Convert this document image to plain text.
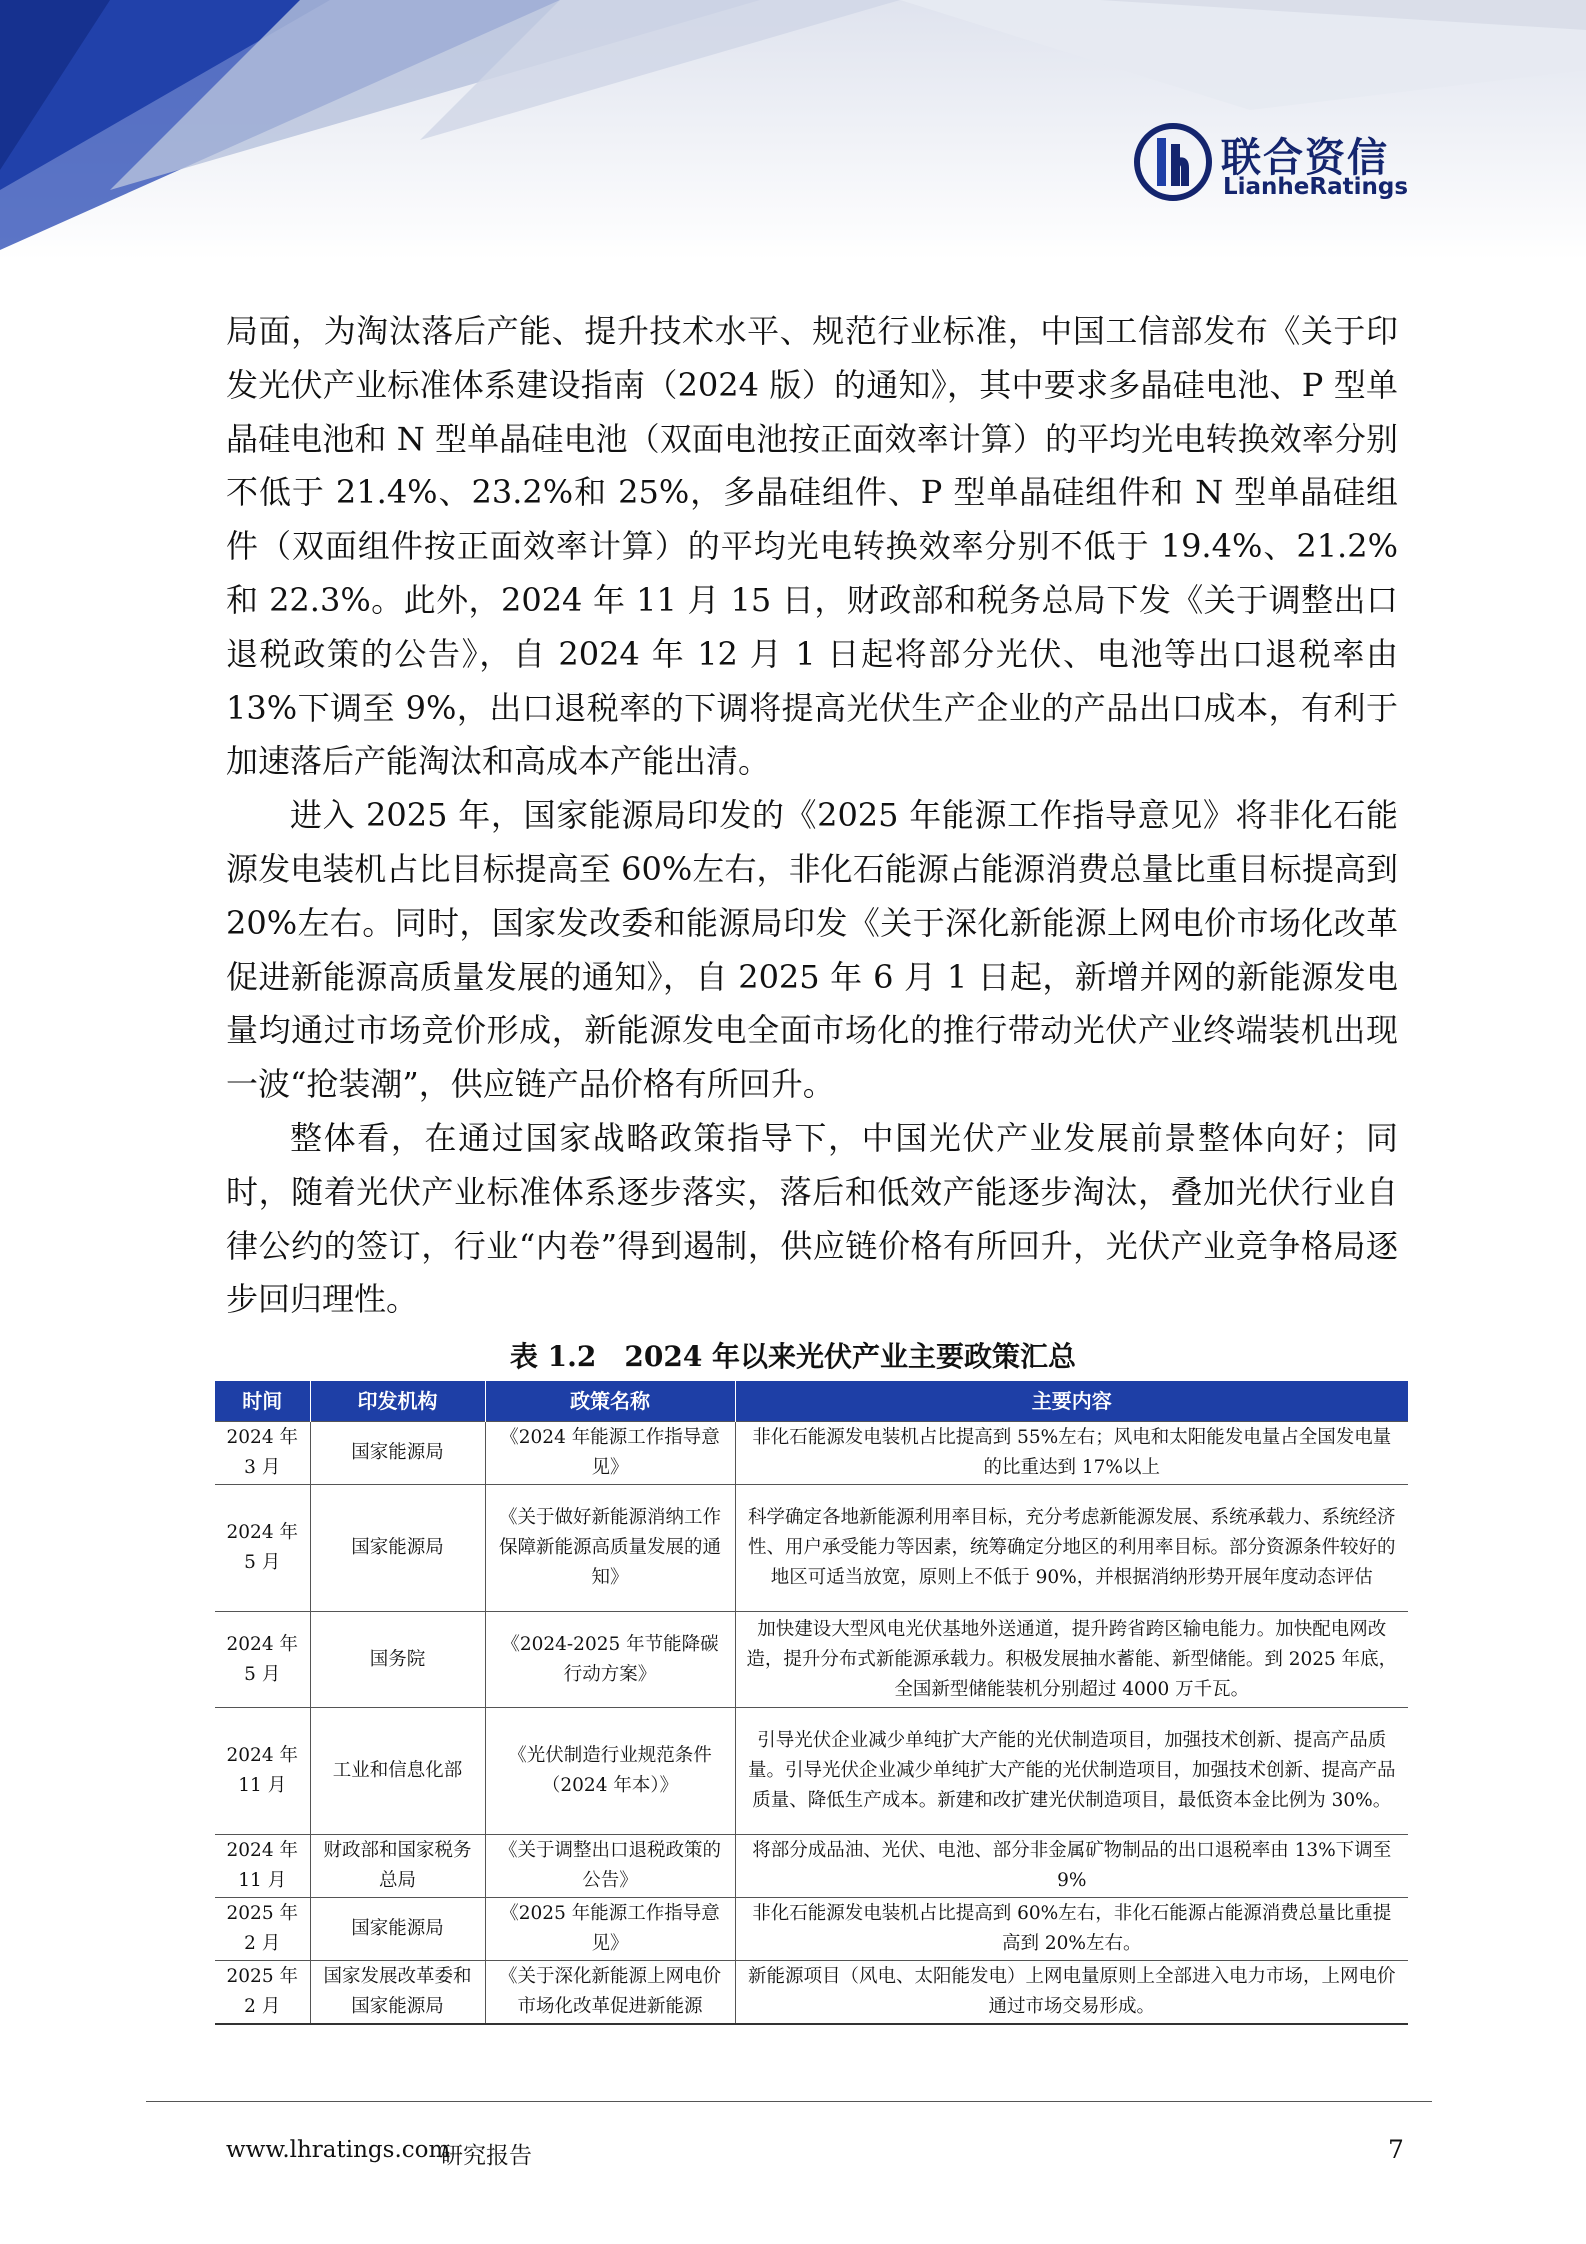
联合资信
LianheRatings

局面，为淘汰落后产能、提升技术水平、规范行业标准，中国工信部发布《关于印发光伏产业标准体系建设指南（2024 版）的通知》，其中要求多晶硅电池、P 型单晶硅电池和 N 型单晶硅电池（双面电池按正面效率计算）的平均光电转换效率分别不低于 21.4%、23.2%和 25%，多晶硅组件、P 型单晶硅组件和 N 型单晶硅组件（双面组件按正面效率计算）的平均光电转换效率分别不低于 19.4%、21.2%和 22.3%。此外，2024 年 11 月 15 日，财政部和税务总局下发《关于调整出口退税政策的公告》，自 2024 年 12 月 1 日起将部分光伏、电池等出口退税率由 13%下调至 9%，出口退税率的下调将提高光伏生产企业的产品出口成本，有利于加速落后产能淘汰和高成本产能出清。

进入 2025 年，国家能源局印发的《2025 年能源工作指导意见》将非化石能源发电装机占比目标提高至 60%左右，非化石能源占能源消费总量比重目标提高到 20%左右。同时，国家发改委和能源局印发《关于深化新能源上网电价市场化改革促进新能源高质量发展的通知》，自 2025 年 6 月 1 日起，新增并网的新能源发电量均通过市场竞价形成，新能源发电全面市场化的推行带动光伏产业终端装机出现一波“抢装潮”，供应链产品价格有所回升。

整体看，在通过国家战略政策指导下，中国光伏产业发展前景整体向好；同时，随着光伏产业标准体系逐步落实，落后和低效产能逐步淘汰，叠加光伏行业自律公约的签订，行业“内卷”得到遏制，供应链价格有所回升，光伏产业竞争格局逐步回归理性。

表 1.2　2024 年以来光伏产业主要政策汇总
时间	印发机构	政策名称	主要内容
2024 年 3 月	国家能源局	《2024 年能源工作指导意见》	非化石能源发电装机占比提高到 55%左右；风电和太阳能发电量占全国发电量的比重达到 17%以上
2024 年 5 月	国家能源局	《关于做好新能源消纳工作保障新能源高质量发展的通知》	科学确定各地新能源利用率目标，充分考虑新能源发展、系统承载力、系统经济性、用户承受能力等因素，统筹确定分地区的利用率目标。部分资源条件较好的地区可适当放宽，原则上不低于 90%，并根据消纳形势开展年度动态评估
2024 年 5 月	国务院	《2024-2025 年节能降碳行动方案》	加快建设大型风电光伏基地外送通道，提升跨省跨区输电能力。加快配电网改造，提升分布式新能源承载力。积极发展抽水蓄能、新型储能。到 2025 年底，全国新型储能装机分别超过 4000 万千瓦。
2024 年 11 月	工业和信息化部	《光伏制造行业规范条件（2024 年本）》	引导光伏企业减少单纯扩大产能的光伏制造项目，加强技术创新、提高产品质量。引导光伏企业减少单纯扩大产能的光伏制造项目，加强技术创新、提高产品质量、降低生产成本。新建和改扩建光伏制造项目，最低资本金比例为 30%。
2024 年 11 月	财政部和国家税务总局	《关于调整出口退税政策的公告》	将部分成品油、光伏、电池、部分非金属矿物制品的出口退税率由 13%下调至 9%
2025 年 2 月	国家能源局	《2025 年能源工作指导意见》	非化石能源发电装机占比提高到 60%左右，非化石能源占能源消费总量比重提高到 20%左右。
2025 年 2 月	国家发展改革委和国家能源局	《关于深化新能源上网电价市场化改革促进新能源	新能源项目（风电、太阳能发电）上网电量原则上全部进入电力市场，上网电价通过市场交易形成。
www.lhratings.com
研究报告	7
